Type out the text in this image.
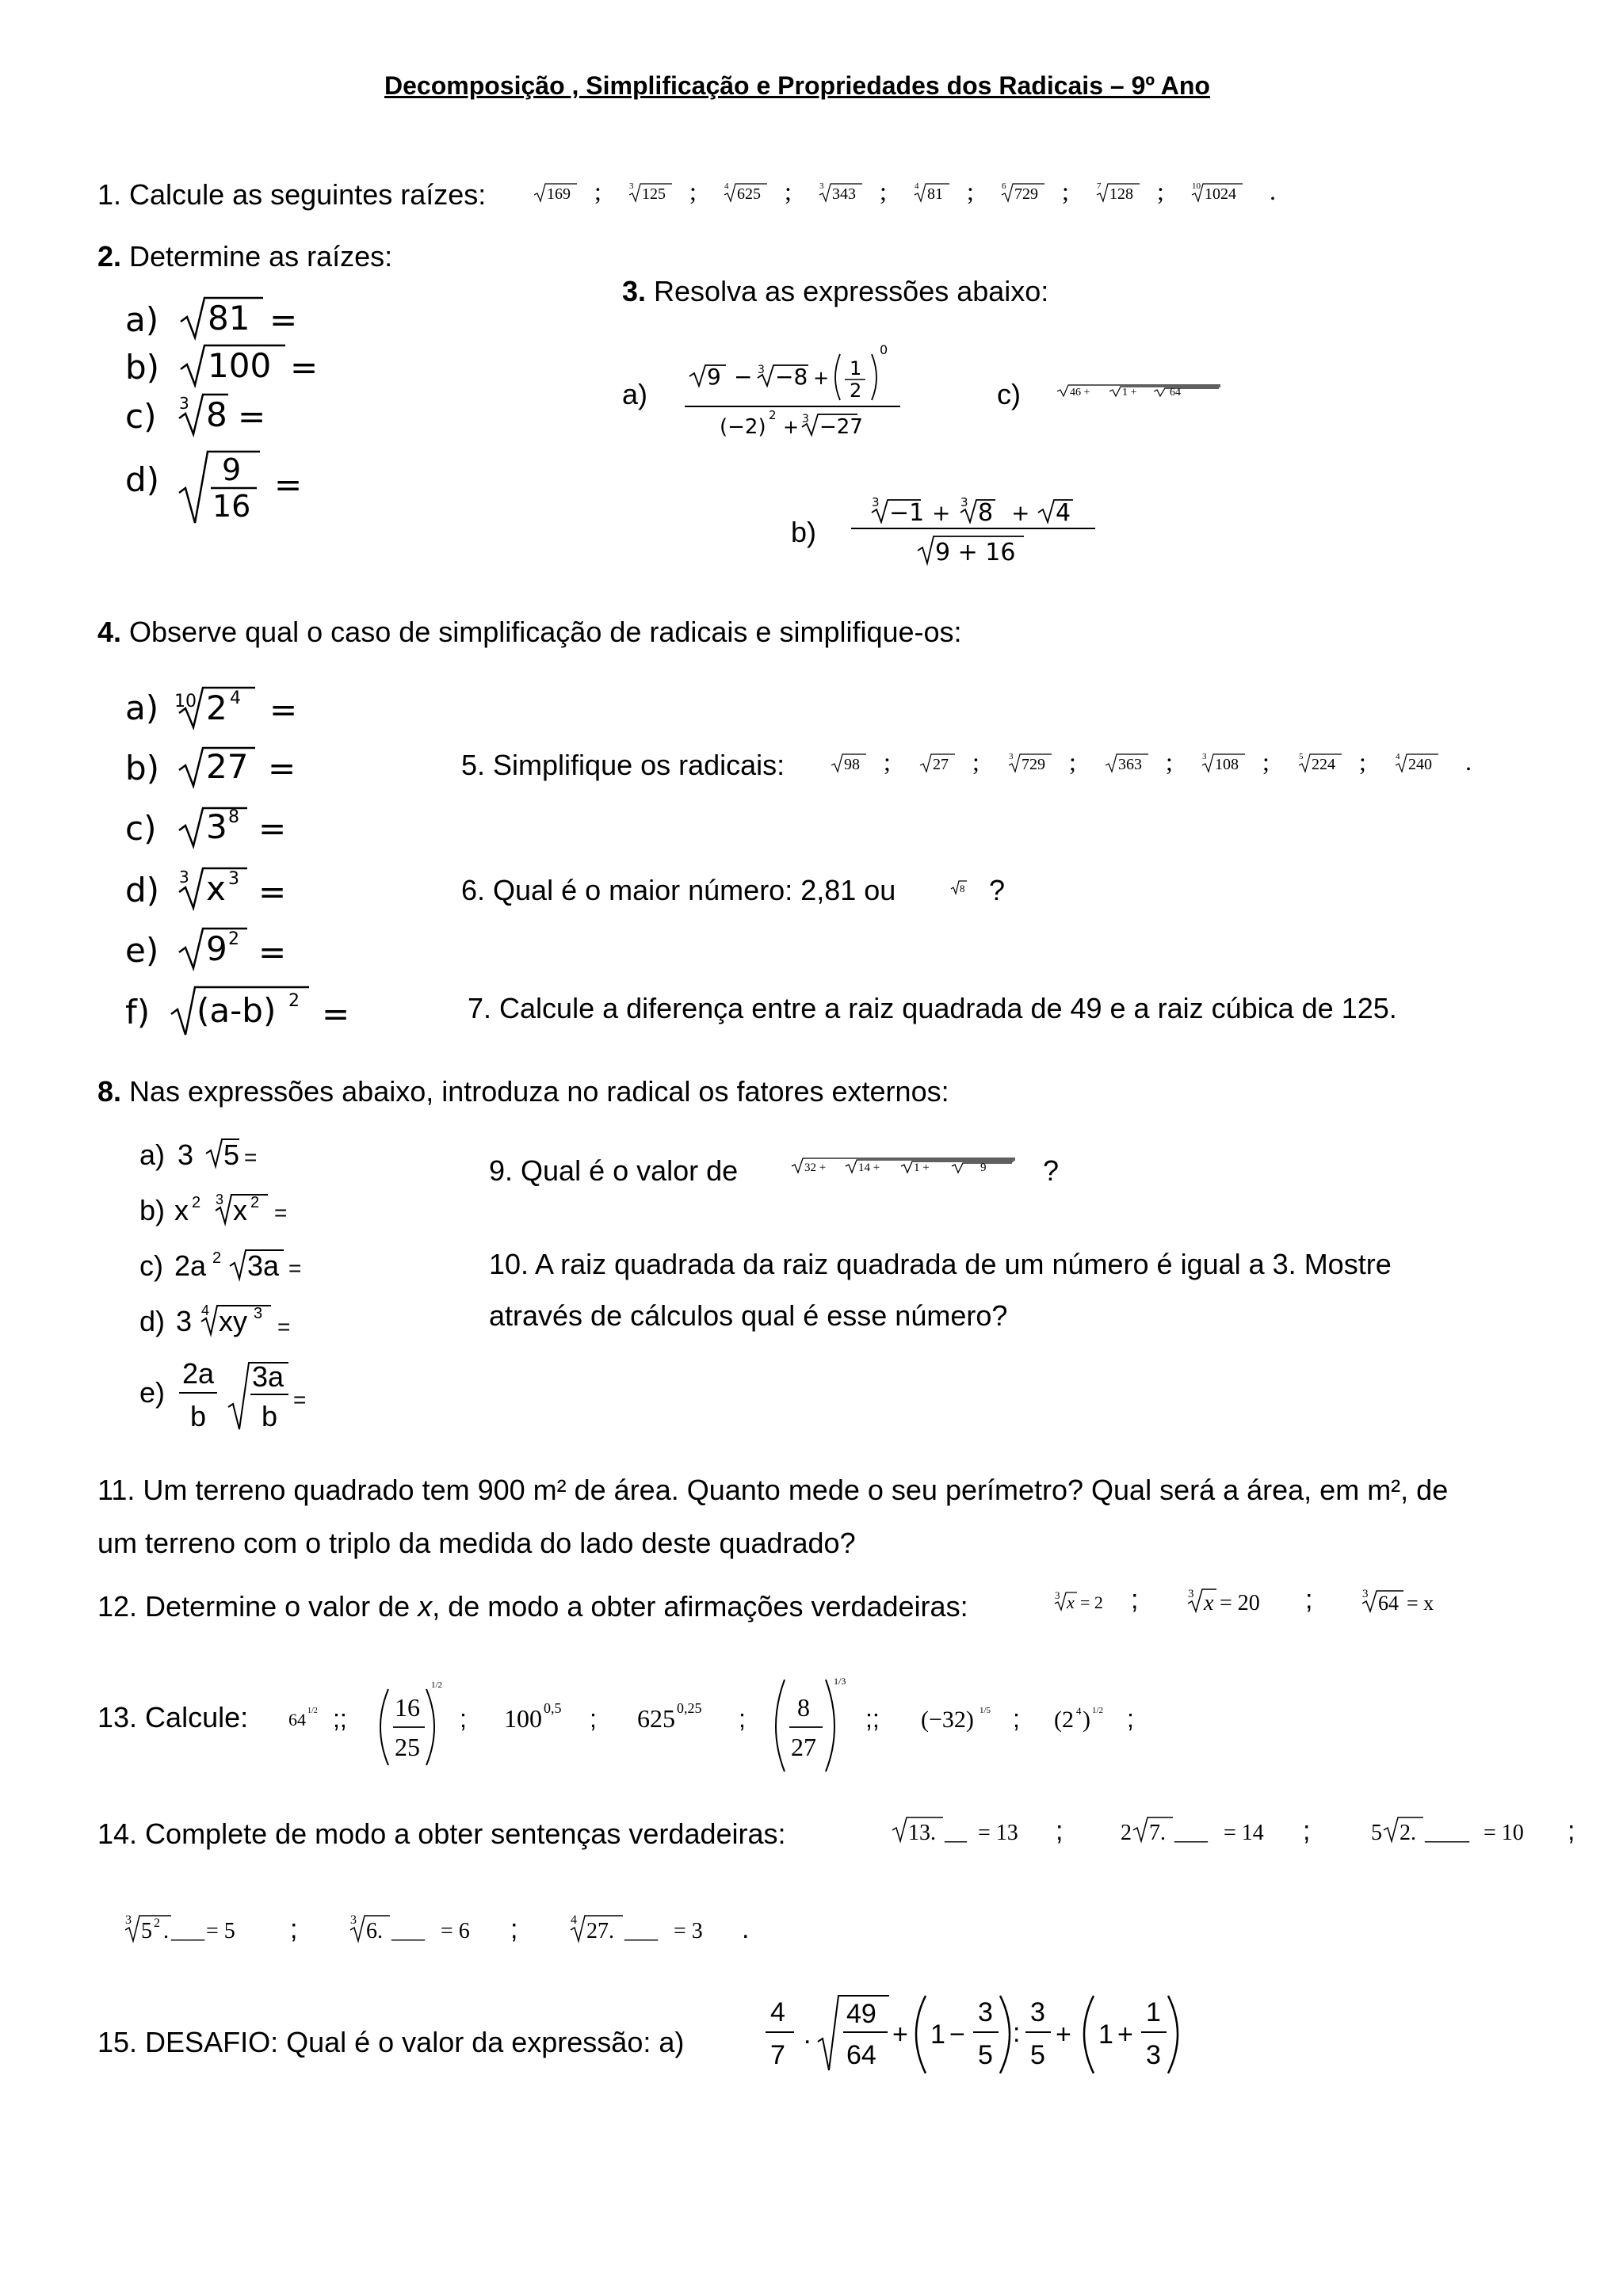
Decomposição , Simplificação e Propriedades dos Radicais – 9º Ano
1. Calcule as seguintes raízes:	169 ;	3 125 ;	4 625 ;	3 343 ;	4 81 ;	6 729 ;	7 128 ;	10 1024 .
2. Determine as raízes:
a) 81 =
b) 100 =
c) 3 8 =
d) 9
16
=
3. Resolva as expressões abaixo:
a)
9 − 3 −8 + 1
2
0
(−2) 2
+ 3 −27
c)	46 +	1 +	64
b)
3 −1 + 3 8 + 4
9 + 16
4. Observe qual o caso de simplificação de radicais e simplifique-os:
a) 10 2 4 =
b) 27 =
c) 3 8 =
d) 3 x 3 =
e) 9 2 =
f) (a-b) 2 =
5. Simplifique os radicais:	98 ;	27 ;	3 729 ;	363 ;	3 108 ;	5 224 ;	4 240 .
6. Qual é o maior número: 2,81 ou	8 ?
7. Calcule a diferença entre a raiz quadrada de 49 e a raiz cúbica de 125.
8. Nas expressões abaixo, introduza no radical os fatores externos:
a) 3 5 =
b) x 2 3 x 2 =
c) 2a 2 3a =
d) 3 4 xy 3
=
e)
2a
b
3a
b
=
9. Qual é o valor de	32 +	14 +	1 +	9 ?
10. A raiz quadrada da raiz quadrada de um número é igual a 3. Mostre
através de cálculos qual é esse número?
11. Um terreno quadrado tem 900 m² de área. Quanto mede o seu perímetro? Qual será a área, em m², de
um terreno com o triplo da medida do lado deste quadrado?
12. Determine o valor de x, de modo a obter afirmações verdadeiras:	3 x = 2 ;	3 x = 20 ;	3 64 = x
13. Calcule: 64 1/2 ;; 16
25
1/2
; 100 0,5 ; 625 0,25 ; 8
27
1/3
;; (−32) 1/5 ; (2 4 ) 1/2 ;
14. Complete de modo a obter sentenças verdadeiras:	13. __ = 13 ;	2 7. ___ = 14 ;	5 2. ____ = 10 ;
3 5 2 . ___ = 5 ;	3 6. ___ = 6 ;	4 27. ___ = 3 .
15. DESAFIO: Qual é o valor da expressão: a)
4
7
.
49
64
+ 1 −
3
5
:
3
5
+ 1 +
1
3
